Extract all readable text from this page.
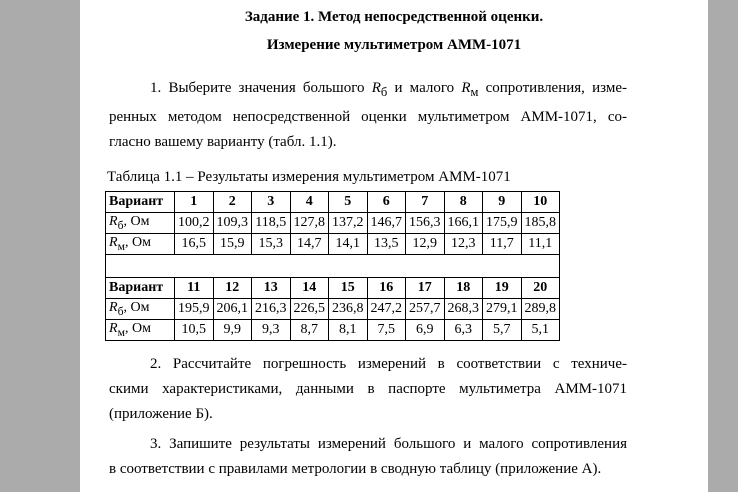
Задание 1. Метод непосредственной оценки.
Измерение мультиметром АММ-1071
1. Выберите значения большого $R_б$ и малого $R_м$ сопротивления, изме-
ренных методом непосредственной оценки мультиметром АММ-1071, со-
гласно вашему варианту (табл. 1.1).
Таблица 1.1 – Результаты измерения мультиметром АММ-1071
Вариант	1	2	3	4	5	6	7	8	9	10
$R_б$, Ом	100,2	109,3	118,5	127,8	137,2	146,7	156,3	166,1	175,9	185,8
$R_м$, Ом	16,5	15,9	15,3	14,7	14,1	13,5	12,9	12,3	11,7	11,1

Вариант	11	12	13	14	15	16	17	18	19	20
$R_б$, Ом	195,9	206,1	216,3	226,5	236,8	247,2	257,7	268,3	279,1	289,8
$R_м$, Ом	10,5	9,9	9,3	8,7	8,1	7,5	6,9	6,3	5,7	5,1
2. Рассчитайте погрешность измерений в соответствии с техниче-
скими характеристиками, данными в паспорте мультиметра АММ-1071
(приложение Б).
3. Запишите результаты измерений большого и малого сопротивления
в соответствии с правилами метрологии в сводную таблицу (приложение А).
